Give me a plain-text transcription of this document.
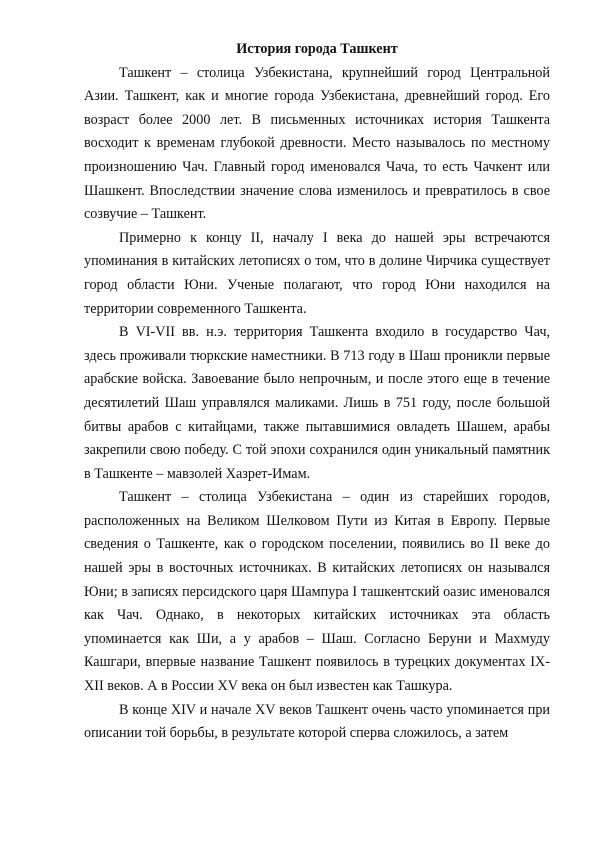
История города Ташкент

Ташкент – столица Узбекистана, крупнейший город Центральной Азии. Ташкент, как и многие города Узбекистана, древнейший город. Его возраст более 2000 лет. В письменных источниках история Ташкента восходит к временам глубокой древности. Место называлось по местному произношению Чач. Главный город именовался Чача, то есть Чачкент или Шашкент. Впоследствии значение слова изменилось и превратилось в свое созвучие – Ташкент.

Примерно к концу II, началу I века до нашей эры встречаются упоминания в китайских летописях о том, что в долине Чирчика существует город области Юни. Ученые полагают, что город Юни находился на территории современного Ташкента.

В VI-VII вв. н.э. территория Ташкента входило в государство Чач, здесь проживали тюркские наместники. В 713 году в Шаш проникли первые арабские войска. Завоевание было непрочным, и после этого еще в течение десятилетий Шаш управлялся маликами. Лишь в 751 году, после большой битвы арабов с китайцами, также пытавшимися овладеть Шашем, арабы закрепили свою победу. С той эпохи сохранился один уникальный памятник в Ташкенте – мавзолей Хазрет-Имам.

Ташкент – столица Узбекистана – один из старейших городов, расположенных на Великом Шелковом Пути из Китая в Европу. Первые сведения о Ташкенте, как о городском поселении, появились во II веке до нашей эры в восточных источниках. В китайских летописях он назывался Юни; в записях персидского царя Шампура I ташкентский оазис именовался как Чач. Однако, в некоторых китайских источниках эта область упоминается как Ши, а у арабов – Шаш. Согласно Беруни и Махмуду Кашгари, впервые название Ташкент появилось в турецких документах IX-XII веков. А в России XV века он был известен как Ташкура.

В конце XIV и начале XV веков Ташкент очень часто упоминается при описании той борьбы, в результате которой сперва сложилось, а затем
